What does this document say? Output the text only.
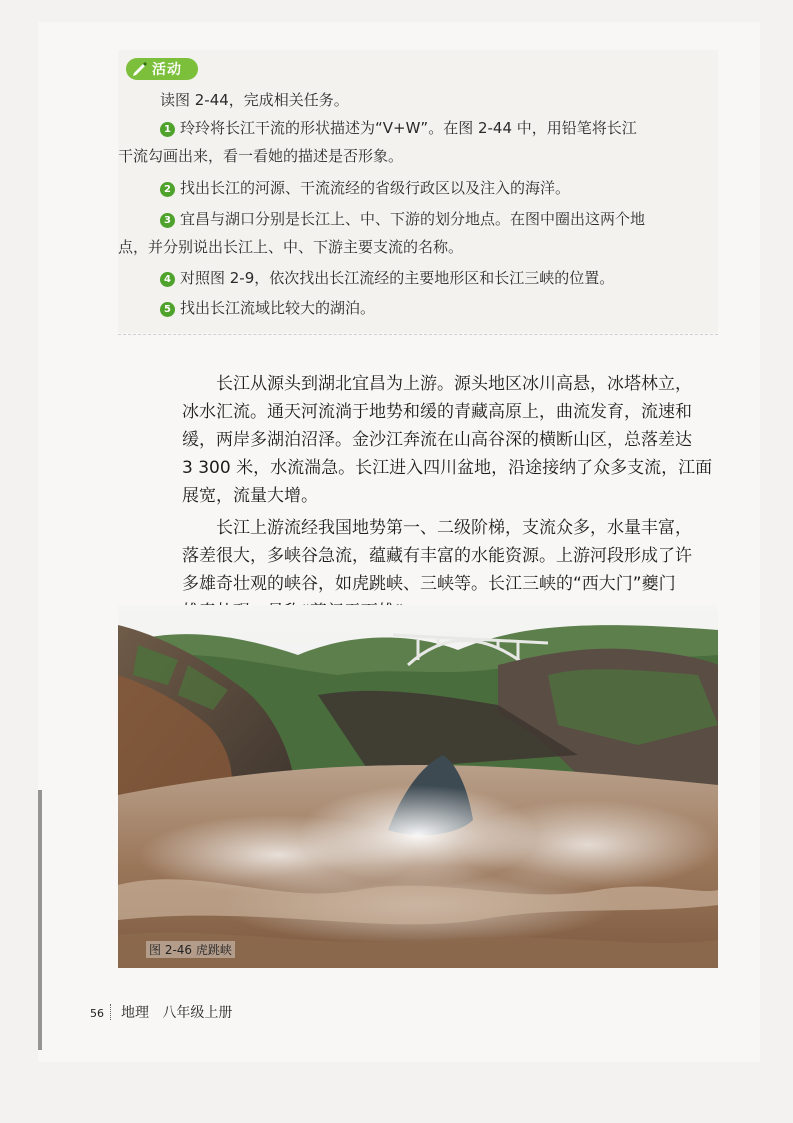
活动
读图 2-44，完成相关任务。
1 玲玲将长江干流的形状描述为“V+W”。在图 2-44 中，用铅笔将长江
干流勾画出来，看一看她的描述是否形象。
2 找出长江的河源、干流流经的省级行政区以及注入的海洋。
3 宜昌与湖口分别是长江上、中、下游的划分地点。在图中圈出这两个地
点，并分别说出长江上、中、下游主要支流的名称。
4 对照图 2-9，依次找出长江流经的主要地形区和长江三峡的位置。
5 找出长江流域比较大的湖泊。
长江从源头到湖北宜昌为上游。源头地区冰川高悬，冰塔林立，
冰水汇流。通天河流淌于地势和缓的青藏高原上，曲流发育，流速和
缓，两岸多湖泊沼泽。金沙江奔流在山高谷深的横断山区，总落差达
3 300 米，水流湍急。长江进入四川盆地，沿途接纳了众多支流，江面
展宽，流量大增。
长江上游流经我国地势第一、二级阶梯，支流众多，水量丰富，
落差很大，多峡谷急流，蕴藏有丰富的水能资源。上游河段形成了许
多雄奇壮观的峡谷，如虎跳峡、三峡等。长江三峡的“西大门”夔门
图 2-46 虎跳峡
56 地理 八年级上册
